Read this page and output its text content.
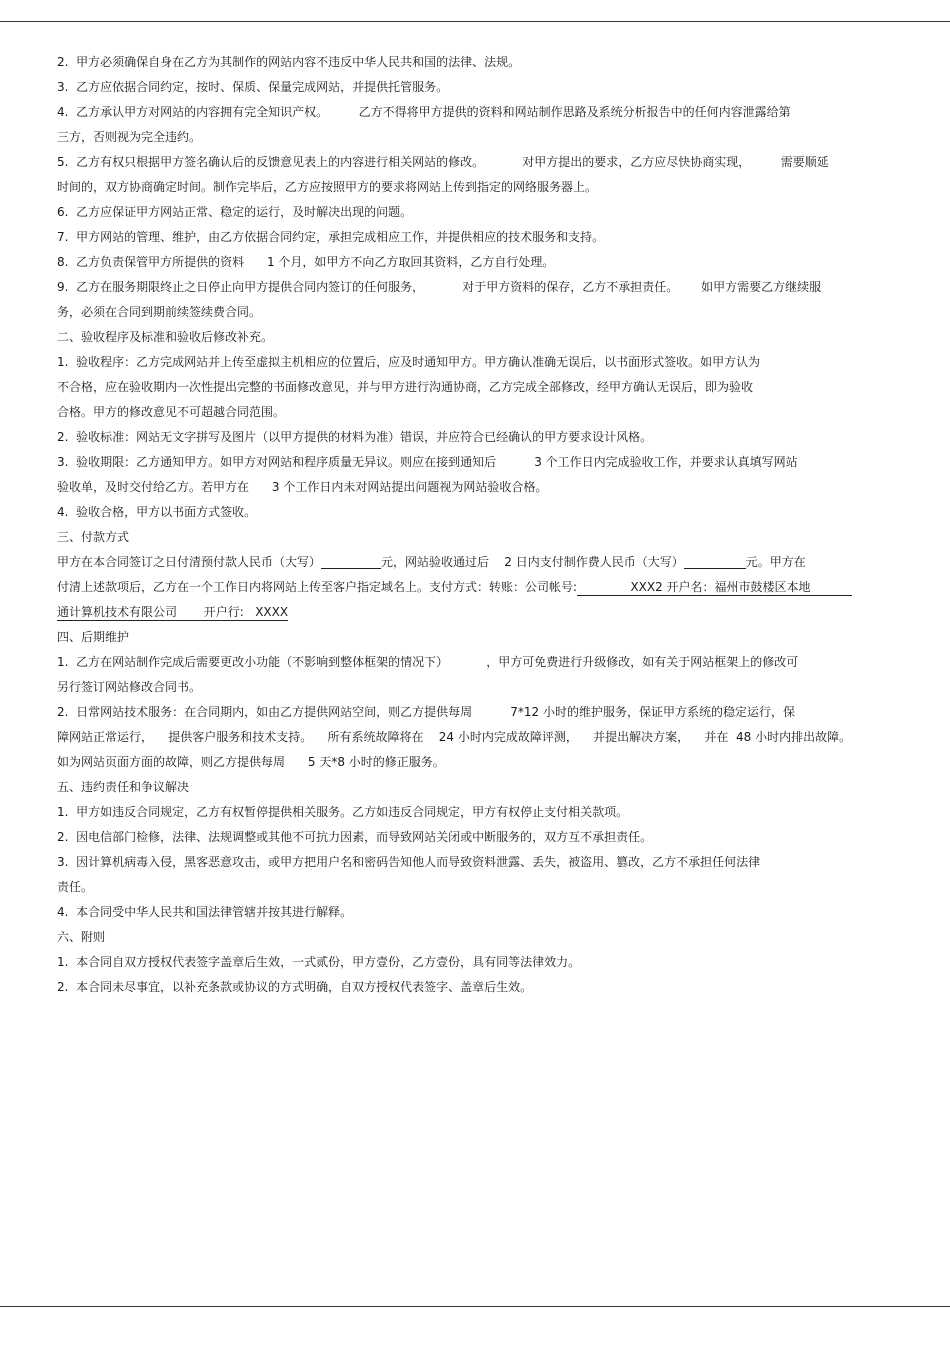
2.  甲方必须确保自身在乙方为其制作的网站内容不违反中华人民共和国的法律、法规。
3.  乙方应依据合同约定，按时、保质、保量完成网站，并提供托管服务。
4.  乙方承认甲方对网站的内容拥有完全知识产权。        乙方不得将甲方提供的资料和网站制作思路及系统分析报告中的任何内容泄露给第
三方，否则视为完全违约。
5.  乙方有权只根据甲方签名确认后的反馈意见表上的内容进行相关网站的修改。          对甲方提出的要求，乙方应尽快协商实现，        需要顺延
时间的，双方协商确定时间。制作完毕后，乙方应按照甲方的要求将网站上传到指定的网络服务器上。
6.  乙方应保证甲方网站正常、稳定的运行，及时解决出现的问题。
7.  甲方网站的管理、维护，由乙方依据合同约定，承担完成相应工作，并提供相应的技术服务和支持。
8.  乙方负责保管甲方所提供的资料      1 个月，如甲方不向乙方取回其资料，乙方自行处理。
9.  乙方在服务期限终止之日停止向甲方提供合同内签订的任何服务，          对于甲方资料的保存，乙方不承担责任。      如甲方需要乙方继续服
务，必须在合同到期前续签续费合同。
二、验收程序及标准和验收后修改补充。
1.  验收程序：乙方完成网站并上传至虚拟主机相应的位置后，应及时通知甲方。甲方确认准确无误后，以书面形式签收。如甲方认为
不合格，应在验收期内一次性提出完整的书面修改意见，并与甲方进行沟通协商，乙方完成全部修改，经甲方确认无误后，即为验收
合格。甲方的修改意见不可超越合同范围。
2.  验收标准：网站无文字拼写及图片（以甲方提供的材料为准）错误，并应符合已经确认的甲方要求设计风格。
3.  验收期限：乙方通知甲方。如甲方对网站和程序质量无异议。则应在接到通知后          3 个工作日内完成验收工作，并要求认真填写网站
验收单，及时交付给乙方。若甲方在      3 个工作日内未对网站提出问题视为网站验收合格。
4.  验收合格，甲方以书面方式签收。
三、付款方式
甲方在本合同签订之日付清预付款人民币（大写）	元，网站验收通过后    2 日内支付制作费人民币（大写）	元。甲方在
付清上述款项后，乙方在一个工作日内将网站上传至客户指定域名上。支付方式：转账：公司帐号:              XXX2 开户名：福州市鼓楼区本地
通计算机技术有限公司       开户行:   XXXX
四、后期维护
1.  乙方在网站制作完成后需要更改小功能（不影响到整体框架的情况下）          ，甲方可免费进行升级修改，如有关于网站框架上的修改可
另行签订网站修改合同书。
2.  日常网站技术服务：在合同期内，如由乙方提供网站空间，则乙方提供每周          7*12 小时的维护服务，保证甲方系统的稳定运行，保
障网站正常运行，    提供客户服务和技术支持。    所有系统故障将在    24 小时内完成故障评测，    并提出解决方案，    并在  48 小时内排出故障。
如为网站页面方面的故障，则乙方提供每周      5 天*8 小时的修正服务。
五、违约责任和争议解决
1.  甲方如违反合同规定，乙方有权暂停提供相关服务。乙方如违反合同规定，甲方有权停止支付相关款项。
2.  因电信部门检修，法律、法规调整或其他不可抗力因素，而导致网站关闭或中断服务的，双方互不承担责任。
3.  因计算机病毒入侵，黑客恶意攻击，或甲方把用户名和密码告知他人而导致资料泄露、丢失，被盗用、篡改，乙方不承担任何法律
责任。
4.  本合同受中华人民共和国法律管辖并按其进行解释。
六、附则
1.  本合同自双方授权代表签字盖章后生效，一式贰份，甲方壹份，乙方壹份，具有同等法律效力。
2.  本合同未尽事宜，以补充条款或协议的方式明确，自双方授权代表签字、盖章后生效。
